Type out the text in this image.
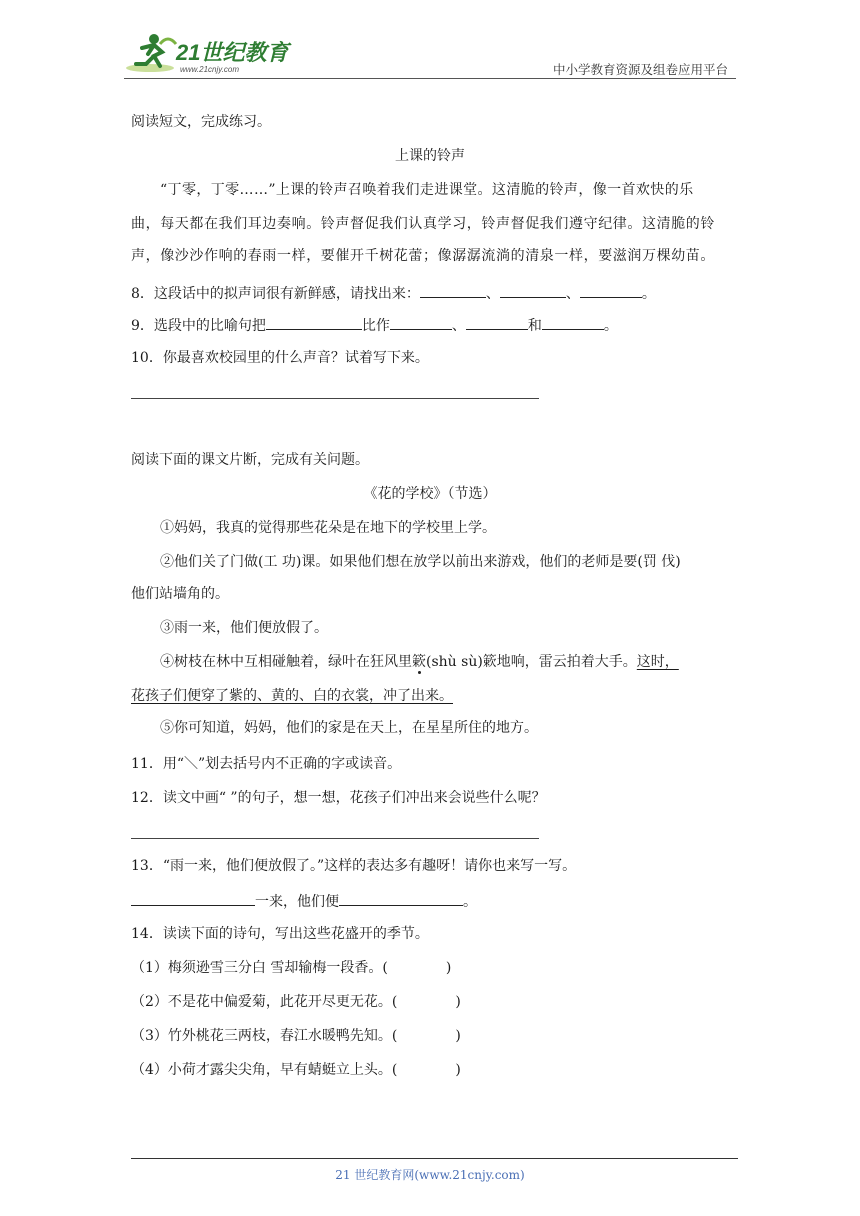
21世纪教育
www.21cnjy.com	中小学教育资源及组卷应用平台
阅读短文，完成练习。
上课的铃声
“丁零，丁零……”上课的铃声召唤着我们走进课堂。这清脆的铃声，像一首欢快的乐
曲，每天都在我们耳边奏响。铃声督促我们认真学习，铃声督促我们遵守纪律。这清脆的铃
声，像沙沙作响的春雨一样，要催开千树花蕾；像潺潺流淌的清泉一样，要滋润万棵幼苗。
8．这段话中的拟声词很有新鲜感，请找出来：	、	、	。
9．选段中的比喻句把	比作	、	和	。
10．你最喜欢校园里的什么声音？试着写下来。
阅读下面的课文片断，完成有关问题。
《花的学校》（节选）
①妈妈，我真的觉得那些花朵是在地下的学校里上学。
②他们关了门做(工 功)课。如果他们想在放学以前出来游戏，他们的老师是要(罚 伐)
他们站墙角的。
③雨一来，他们便放假了。
④树枝在林中互相碰触着，绿叶在狂风里簌(shù sù)簌地响，雷云拍着大手。这时，
花孩子们便穿了紫的、黄的、白的衣裳，冲了出来。
⑤你可知道，妈妈，他们的家是在天上，在星星所住的地方。
11．用“＼”划去括号内不正确的字或读音。
12．读文中画“ ”的句子，想一想，花孩子们冲出来会说些什么呢？
13．“雨一来，他们便放假了。”这样的表达多有趣呀！请你也来写一写。
一来，他们便	。
14．读读下面的诗句，写出这些花盛开的季节。
（1）梅须逊雪三分白 雪却输梅一段香。(	)
（2）不是花中偏爱菊，此花开尽更无花。(	)
（3）竹外桃花三两枝，春江水暖鸭先知。(	)
（4）小荷才露尖尖角，早有蜻蜓立上头。(	)
21 世纪教育网(www.21cnjy.com)
